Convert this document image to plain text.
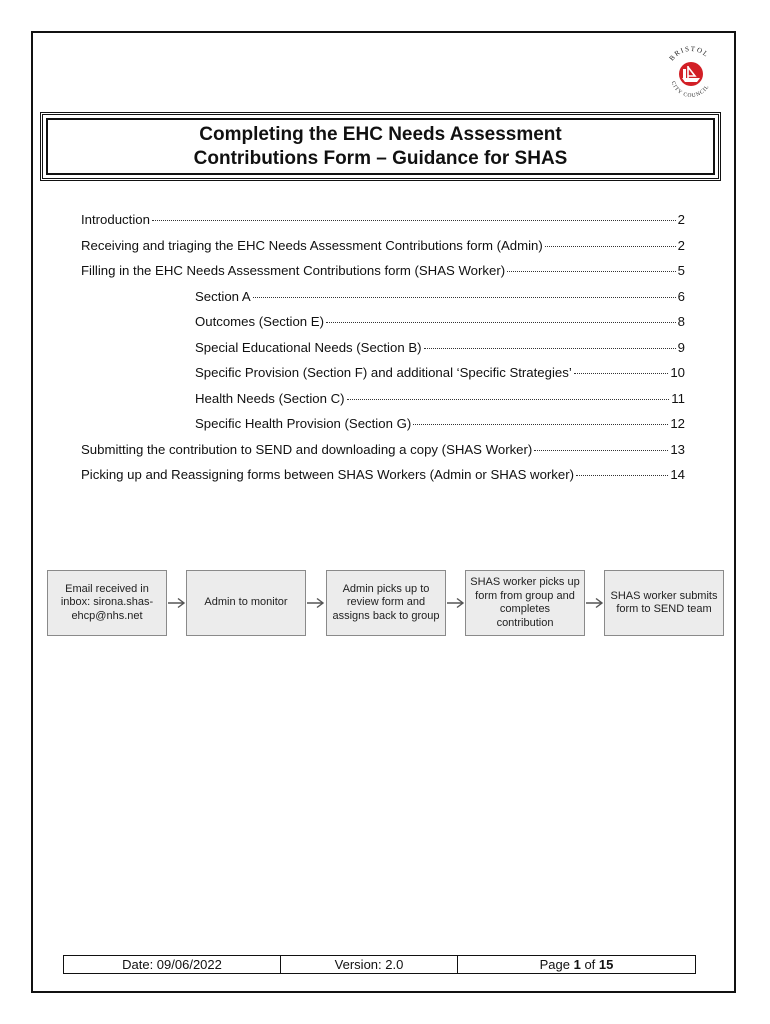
BRISTOL
CITY COUNCIL
Completing the EHC Needs Assessment
Contributions Form – Guidance for SHAS
Introduction	2
Receiving and triaging the EHC Needs Assessment Contributions form (Admin)	2
Filling in the EHC Needs Assessment Contributions form (SHAS Worker)	5
Section A	6
Outcomes (Section E)	8
Special Educational Needs (Section B)	9
Specific Provision (Section F) and additional ‘Specific Strategies’	10
Health Needs (Section C)	11
Specific Health Provision (Section G)	12
Submitting the contribution to SEND and downloading a copy (SHAS Worker)	13
Picking up and Reassigning forms between SHAS Workers (Admin or SHAS worker)	14
Email received in inbox: sirona.shas-ehcp@nhs.net
Admin to monitor
Admin picks up to review form and assigns back to group
SHAS worker picks up form from group and completes contribution
SHAS worker submits form to SEND team
Date: 09/06/2022	Version: 2.0	Page 1 of 15
